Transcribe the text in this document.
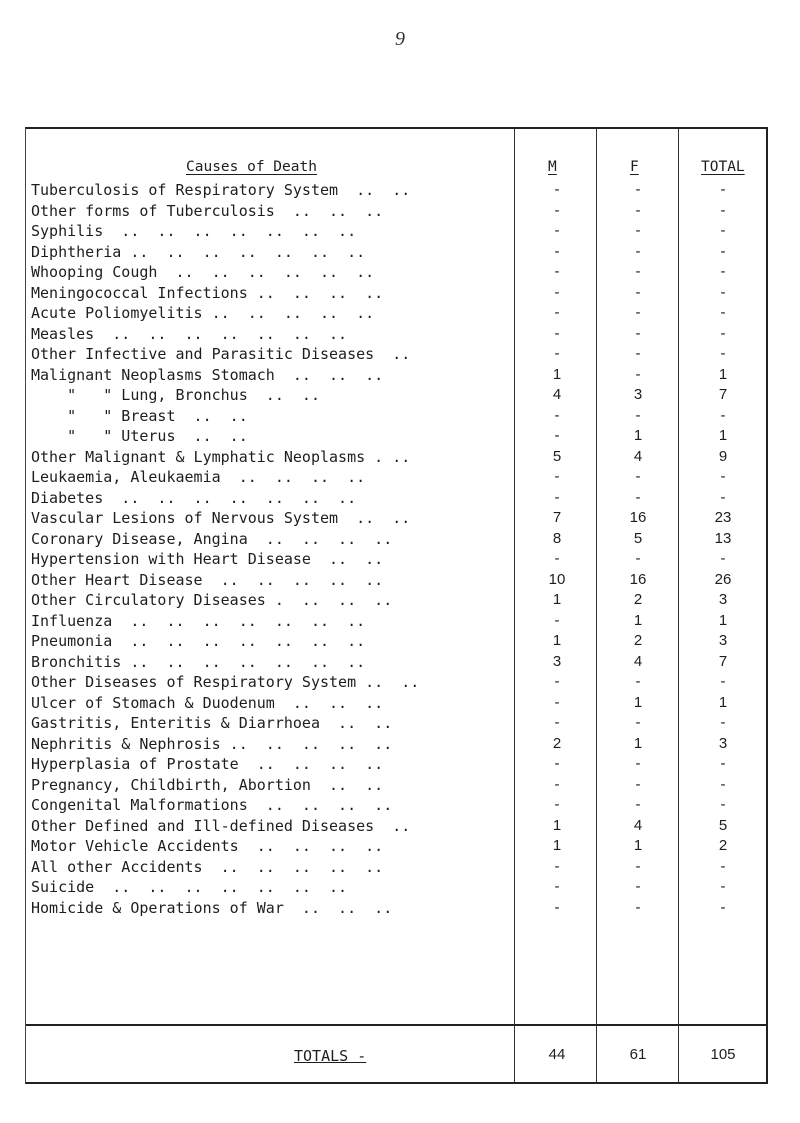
9
Causes of Death	M	F	TOTAL
Tuberculosis of Respiratory System  ..  ..	-	-	-
Other forms of Tuberculosis  ..  ..  ..	-	-	-
Syphilis  ..  ..  ..  ..  ..  ..  ..	-	-	-
Diphtheria ..  ..  ..  ..  ..  ..  ..	-	-	-
Whooping Cough  ..  ..  ..  ..  ..  ..	-	-	-
Meningococcal Infections ..  ..  ..  ..	-	-	-
Acute Poliomyelitis ..  ..  ..  ..  ..	-	-	-
Measles  ..  ..  ..  ..  ..  ..  ..	-	-	-
Other Infective and Parasitic Diseases  ..	-	-	-
Malignant Neoplasms Stomach  ..  ..  ..	1	-	1
"   " Lung, Bronchus  ..  ..	4	3	7
"   " Breast  ..  ..	-	-	-
"   " Uterus  ..  ..	-	1	1
Other Malignant & Lymphatic Neoplasms . ..	5	4	9
Leukaemia, Aleukaemia  ..  ..  ..  ..	-	-	-
Diabetes  ..  ..  ..  ..  ..  ..  ..	-	-	-
Vascular Lesions of Nervous System  ..  ..	7	16	23
Coronary Disease, Angina  ..  ..  ..  ..	8	5	13
Hypertension with Heart Disease  ..  ..	-	-	-
Other Heart Disease  ..  ..  ..  ..  ..	10	16	26
Other Circulatory Diseases .  ..  ..  ..	1	2	3
Influenza  ..  ..  ..  ..  ..  ..  ..	-	1	1
Pneumonia  ..  ..  ..  ..  ..  ..  ..	1	2	3
Bronchitis ..  ..  ..  ..  ..  ..  ..	3	4	7
Other Diseases of Respiratory System ..  ..	-	-	-
Ulcer of Stomach & Duodenum  ..  ..  ..	-	1	1
Gastritis, Enteritis & Diarrhoea  ..  ..	-	-	-
Nephritis & Nephrosis ..  ..  ..  ..  ..	2	1	3
Hyperplasia of Prostate  ..  ..  ..  ..	-	-	-
Pregnancy, Childbirth, Abortion  ..  ..	-	-	-
Congenital Malformations  ..  ..  ..  ..	-	-	-
Other Defined and Ill-defined Diseases  ..	1	4	5
Motor Vehicle Accidents  ..  ..  ..  ..	1	1	2
All other Accidents  ..  ..  ..  ..  ..	-	-	-
Suicide  ..  ..  ..  ..  ..  ..  ..	-	-	-
Homicide & Operations of War  ..  ..  ..	-	-	-
TOTALS -	44	61	105
